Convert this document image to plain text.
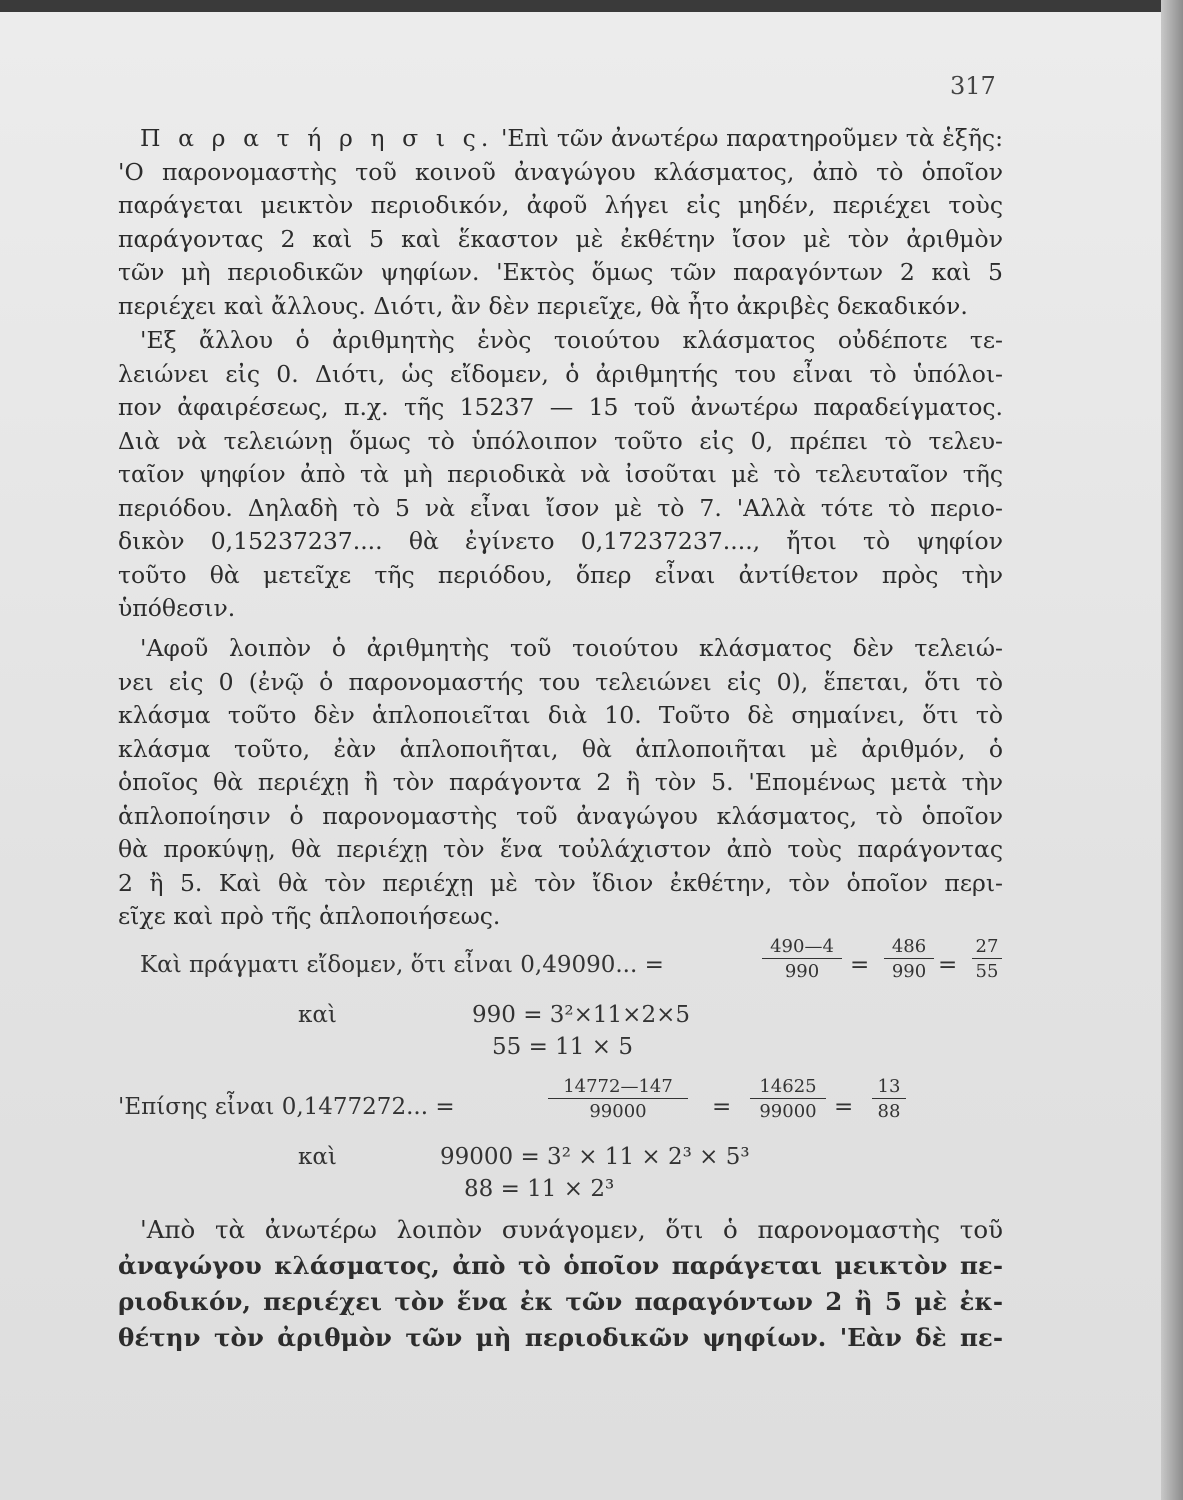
317
Π α ρ α τ ή ρ η σ ι ς. 'Επὶ τῶν ἀνωτέρω παρατηροῦμεν τὰ ἑξῆς:
'Ο παρονομαστὴς τοῦ κοινοῦ ἀναγώγου κλάσματος, ἀπὸ τὸ ὁποῖον
παράγεται μεικτὸν περιοδικόν, ἀφοῦ λήγει εἰς μηδέν, περιέχει τοὺς
παράγοντας 2 καὶ 5 καὶ ἕκαστον μὲ ἐκθέτην ἴσον μὲ τὸν ἀριθμὸν
τῶν μὴ περιοδικῶν ψηφίων. 'Εκτὸς ὅμως τῶν παραγόντων 2 καὶ 5
περιέχει καὶ ἄλλους. Διότι, ἂν δὲν περιεῖχε, θὰ ἦτο ἀκριβὲς δεκαδικόν.
'Εξ ἄλλου ὁ ἀριθμητὴς ἑνὸς τοιούτου κλάσματος οὐδέποτε τε-
λειώνει εἰς 0. Διότι, ὡς εἴδομεν, ὁ ἀριθμητής του εἶναι τὸ ὑπόλοι-
πον ἀφαιρέσεως, π.χ. τῆς 15237 — 15 τοῦ ἀνωτέρω παραδείγματος.
Διὰ νὰ τελειώνῃ ὅμως τὸ ὑπόλοιπον τοῦτο εἰς 0, πρέπει τὸ τελευ-
ταῖον ψηφίον ἀπὸ τὰ μὴ περιοδικὰ νὰ ἰσοῦται μὲ τὸ τελευταῖον τῆς
περιόδου. Δηλαδὴ τὸ 5 νὰ εἶναι ἴσον μὲ τὸ 7. 'Αλλὰ τότε τὸ περιο-
δικὸν 0,15237237.... θὰ ἐγίνετο 0,17237237...., ἤτοι τὸ ψηφίον
τοῦτο θὰ μετεῖχε τῆς περιόδου, ὅπερ εἶναι ἀντίθετον πρὸς τὴν
ὑπόθεσιν.
'Αφοῦ λοιπὸν ὁ ἀριθμητὴς τοῦ τοιούτου κλάσματος δὲν τελειώ-
νει εἰς 0 (ἐνῷ ὁ παρονομαστής του τελειώνει εἰς 0), ἕπεται, ὅτι τὸ
κλάσμα τοῦτο δὲν ἁπλοποιεῖται διὰ 10. Τοῦτο δὲ σημαίνει, ὅτι τὸ
κλάσμα τοῦτο, ἐὰν ἁπλοποιῆται, θὰ ἁπλοποιῆται μὲ ἀριθμόν, ὁ
ὁποῖος θὰ περιέχῃ ἢ τὸν παράγοντα 2 ἢ τὸν 5. 'Επομένως μετὰ τὴν
ἁπλοποίησιν ὁ παρονομαστὴς τοῦ ἀναγώγου κλάσματος, τὸ ὁποῖον
θὰ προκύψῃ, θὰ περιέχῃ τὸν ἕνα τοὐλάχιστον ἀπὸ τοὺς παράγοντας
2 ἢ 5. Καὶ θὰ τὸν περιέχῃ μὲ τὸν ἴδιον ἐκθέτην, τὸν ὁποῖον περι-
εῖχε καὶ πρὸ τῆς ἁπλοποιήσεως.
Καὶ πράγματι εἴδομεν, ὅτι εἶναι 0,49090... =	$\frac{490—4}{990} = \frac{486}{990} = \frac{27}{55}$
καὶ	990 = 3²×11×2×5
55 = 11 × 5
'Επίσης εἶναι 0,1477272... =	$\frac{14772—147}{99000} = \frac{14625}{99000} = \frac{13}{88}$
καὶ	99000 = 3² × 11 × 2³ × 5³
88 = 11 × 2³
'Απὸ τὰ ἀνωτέρω λοιπὸν συνάγομεν, ὅτι ὁ παρονομαστὴς τοῦ
ἀναγώγου κλάσματος, ἀπὸ τὸ ὁποῖον παράγεται μεικτὸν πε-
ριοδικόν, περιέχει τὸν ἕνα ἐκ τῶν παραγόντων 2 ἢ 5 μὲ ἐκ-
θέτην τὸν ἀριθμὸν τῶν μὴ περιοδικῶν ψηφίων. 'Εὰν δὲ πε-
